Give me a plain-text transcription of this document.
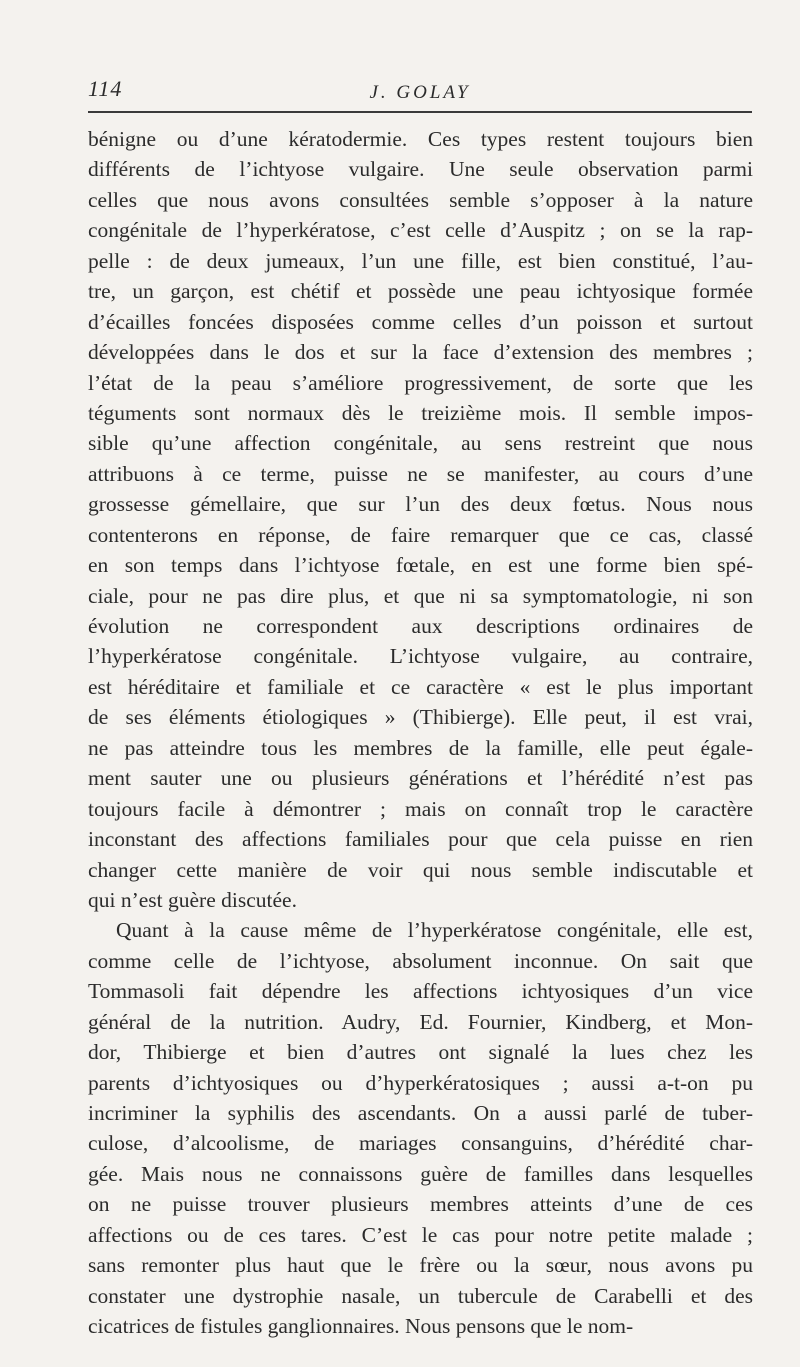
114	J. GOLAY
bénigne ou d’une kératodermie. Ces types restent toujours bien
différents de l’ichtyose vulgaire. Une seule observation parmi
celles que nous avons consultées semble s’opposer à la nature
congénitale de l’hyperkératose, c’est celle d’Auspitz ; on se la rap-
pelle : de deux jumeaux, l’un une fille, est bien constitué, l’au-
tre, un garçon, est chétif et possède une peau ichtyosique formée
d’écailles foncées disposées comme celles d’un poisson et surtout
développées dans le dos et sur la face d’extension des membres ;
l’état de la peau s’améliore progressivement, de sorte que les
téguments sont normaux dès le treizième mois. Il semble impos-
sible qu’une affection congénitale, au sens restreint que nous
attribuons à ce terme, puisse ne se manifester, au cours d’une
grossesse gémellaire, que sur l’un des deux fœtus. Nous nous
contenterons en réponse, de faire remarquer que ce cas, classé
en son temps dans l’ichtyose fœtale, en est une forme bien spé-
ciale, pour ne pas dire plus, et que ni sa symptomatologie, ni son
évolution ne correspondent aux descriptions ordinaires de
l’hyperkératose congénitale. L’ichtyose vulgaire, au contraire,
est héréditaire et familiale et ce caractère « est le plus important
de ses éléments étiologiques » (Thibierge). Elle peut, il est vrai,
ne pas atteindre tous les membres de la famille, elle peut égale-
ment sauter une ou plusieurs générations et l’hérédité n’est pas
toujours facile à démontrer ; mais on connaît trop le caractère
inconstant des affections familiales pour que cela puisse en rien
changer cette manière de voir qui nous semble indiscutable et
qui n’est guère discutée.
Quant à la cause même de l’hyperkératose congénitale, elle est,
comme celle de l’ichtyose, absolument inconnue. On sait que
Tommasoli fait dépendre les affections ichtyosiques d’un vice
général de la nutrition. Audry, Ed. Fournier, Kindberg, et Mon-
dor, Thibierge et bien d’autres ont signalé la lues chez les
parents d’ichtyosiques ou d’hyperkératosiques ; aussi a-t-on pu
incriminer la syphilis des ascendants. On a aussi parlé de tuber-
culose, d’alcoolisme, de mariages consanguins, d’hérédité char-
gée. Mais nous ne connaissons guère de familles dans lesquelles
on ne puisse trouver plusieurs membres atteints d’une de ces
affections ou de ces tares. C’est le cas pour notre petite malade ;
sans remonter plus haut que le frère ou la sœur, nous avons pu
constater une dystrophie nasale, un tubercule de Carabelli et des
cicatrices de fistules ganglionnaires. Nous pensons que le nom-
